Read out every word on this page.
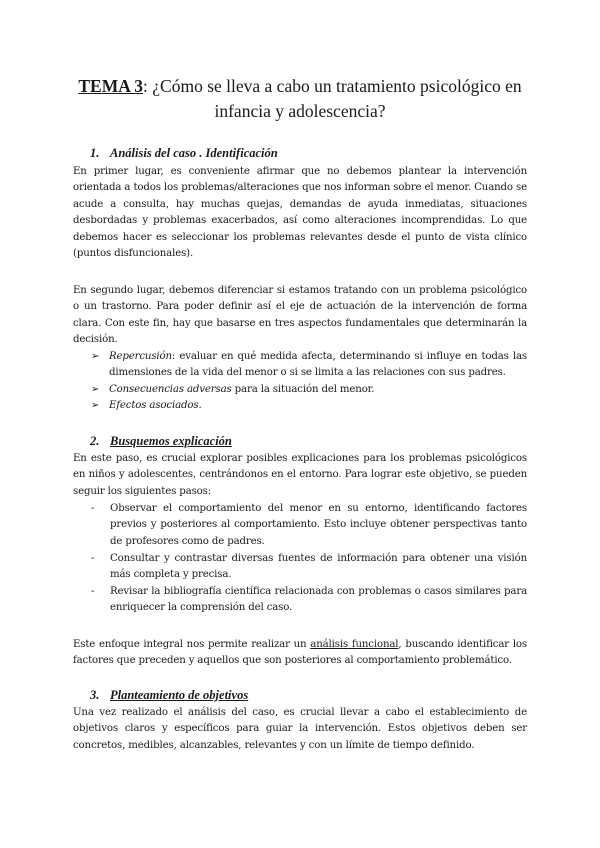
TEMA 3: ¿Cómo se lleva a cabo un tratamiento psicológico en infancia y adolescencia?
1. Análisis del caso . Identificación
En primer lugar, es conveniente afirmar que no debemos plantear la intervención orientada a todos los problemas/alteraciones que nos informan sobre el menor. Cuando se acude a consulta, hay muchas quejas, demandas de ayuda inmediatas, situaciones desbordadas y problemas exacerbados, así como alteraciones incomprendidas. Lo que debemos hacer es seleccionar los problemas relevantes desde el punto de vista clínico (puntos disfuncionales).
En segundo lugar, debemos diferenciar si estamos tratando con un problema psicológico o un trastorno. Para poder definir así el eje de actuación de la intervención de forma clara. Con este fin, hay que basarse en tres aspectos fundamentales que determinarán la decisión.
➢ Repercusión: evaluar en qué medida afecta, determinando si influye en todas las dimensiones de la vida del menor o si se limita a las relaciones con sus padres.
➢ Consecuencias adversas para la situación del menor.
➢ Efectos asociados.
2. Busquemos explicación
En este paso, es crucial explorar posibles explicaciones para los problemas psicológicos en niños y adolescentes, centrándonos en el entorno. Para lograr este objetivo, se pueden seguir los siguientes pasos:
- Observar el comportamiento del menor en su entorno, identificando factores previos y posteriores al comportamiento. Esto incluye obtener perspectivas tanto de profesores como de padres.
- Consultar y contrastar diversas fuentes de información para obtener una visión más completa y precisa.
- Revisar la bibliografía científica relacionada con problemas o casos similares para enriquecer la comprensión del caso.
Este enfoque integral nos permite realizar un análisis funcional, buscando identificar los factores que preceden y aquellos que son posteriores al comportamiento problemático.
3. Planteamiento de objetivos
Una vez realizado el análisis del caso, es crucial llevar a cabo el establecimiento de objetivos claros y específicos para guiar la intervención. Estos objetivos deben ser concretos, medibles, alcanzables, relevantes y con un límite de tiempo definido.
